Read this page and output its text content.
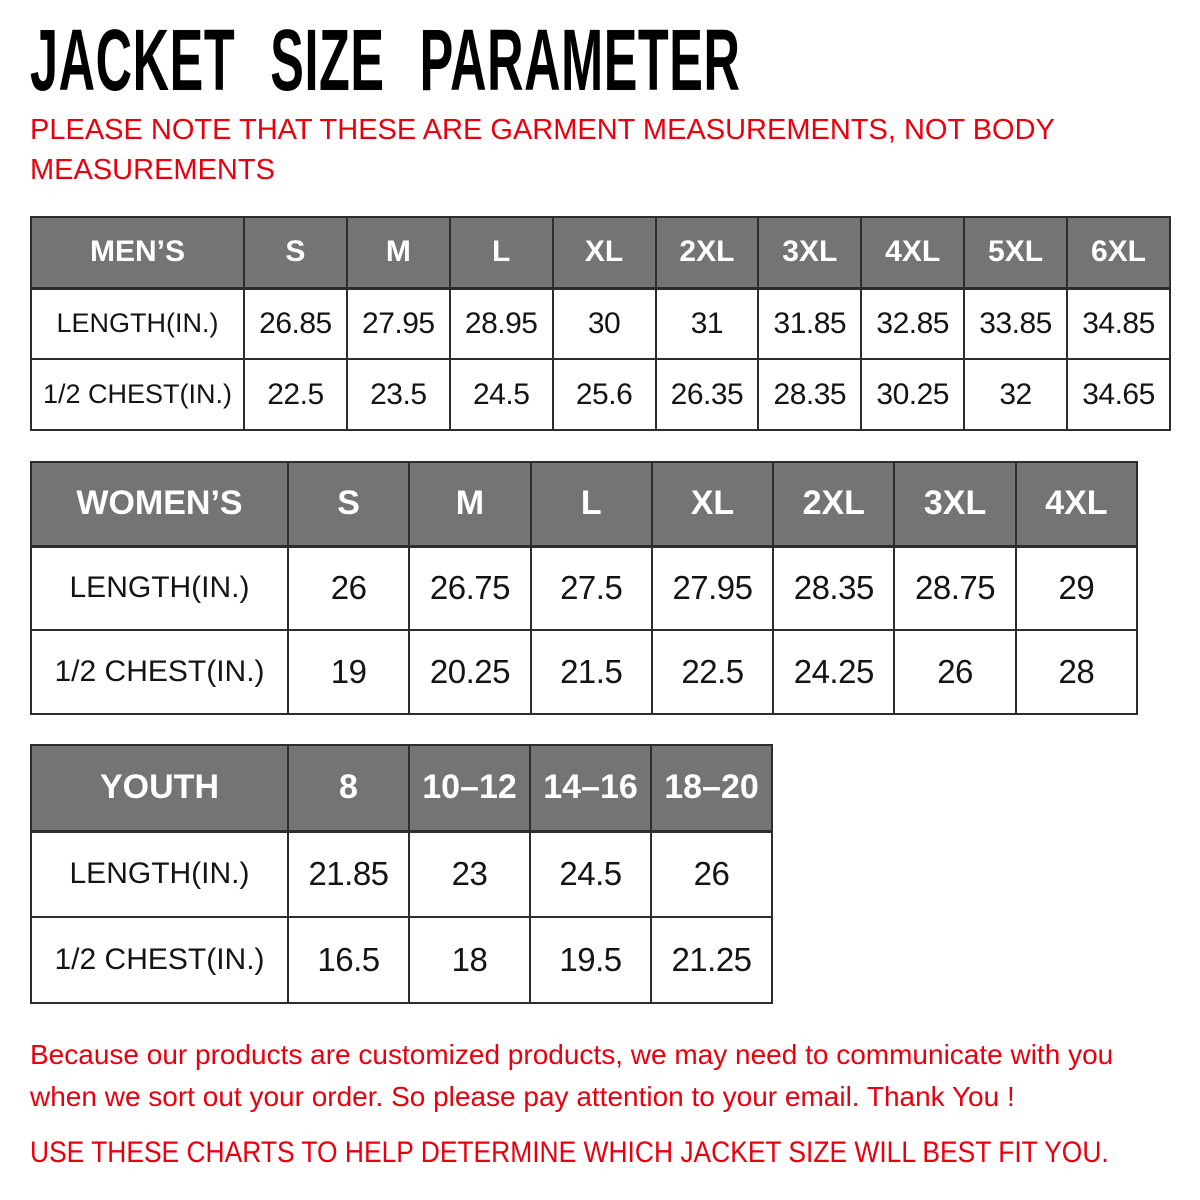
JACKET SIZE PARAMETER
PLEASE NOTE THAT THESE ARE GARMENT MEASUREMENTS, NOT BODY
MEASUREMENTS
MEN’S	S	M	L	XL	2XL	3XL	4XL	5XL	6XL
LENGTH(IN.)	26.85	27.95	28.95	30	31	31.85	32.85	33.85	34.85
1/2 CHEST(IN.)	22.5	23.5	24.5	25.6	26.35	28.35	30.25	32	34.65
WOMEN’S	S	M	L	XL	2XL	3XL	4XL
LENGTH(IN.)	26	26.75	27.5	27.95	28.35	28.75	29
1/2 CHEST(IN.)	19	20.25	21.5	22.5	24.25	26	28
YOUTH	8	10–12	14–16	18–20
LENGTH(IN.)	21.85	23	24.5	26
1/2 CHEST(IN.)	16.5	18	19.5	21.25
Because our products are customized products, we may need to communicate with you
when we sort out your order. So please pay attention to your email. Thank You !

USE THESE CHARTS TO HELP DETERMINE WHICH JACKET SIZE WILL BEST FIT YOU.
